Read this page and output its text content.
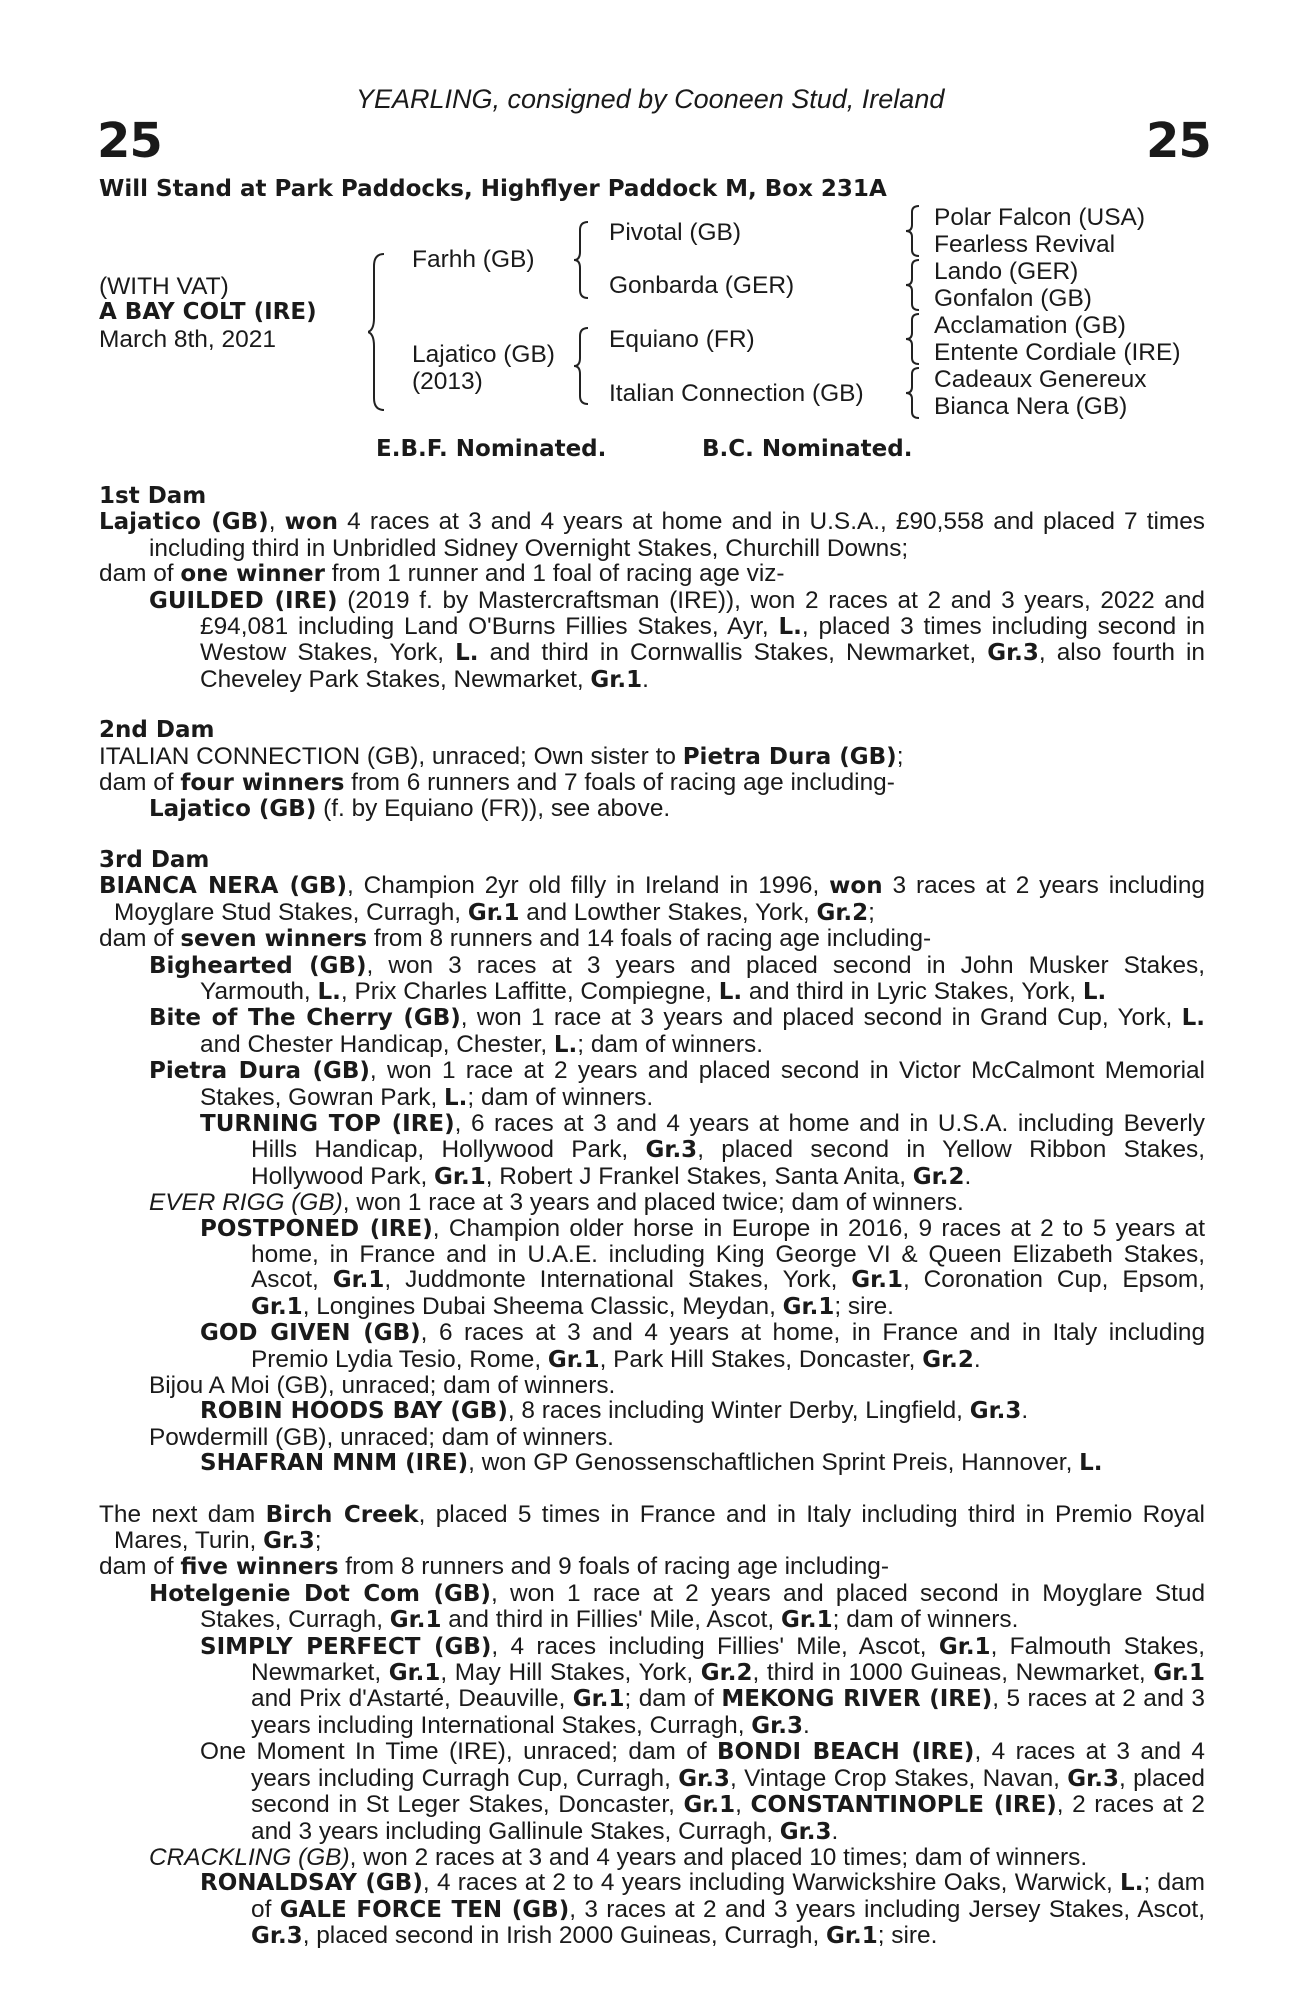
YEARLING, consigned by Cooneen Stud, Ireland
25	25
Will Stand at Park Paddocks, Highflyer Paddock M, Box 231A
(WITH VAT)
A BAY COLT (IRE)
March 8th, 2021
Farhh (GB)
Lajatico (GB)
(2013)
Pivotal (GB)
Gonbarda (GER)
Equiano (FR)
Italian Connection (GB)
Polar Falcon (USA)
Fearless Revival
Lando (GER)
Gonfalon (GB)
Acclamation (GB)
Entente Cordiale (IRE)
Cadeaux Genereux
Bianca Nera (GB)
E.B.F. Nominated.	B.C. Nominated.

1st Dam

Lajatico (GB), won 4 races at 3 and 4 years at home and in U.S.A., £90,558 and placed 7 times including third in Unbridled Sidney Overnight Stakes, Churchill Downs;

dam of one winner from 1 runner and 1 foal of racing age viz-

GUILDED (IRE) (2019 f. by Mastercraftsman (IRE)), won 2 races at 2 and 3 years, 2022 and £94,081 including Land O'Burns Fillies Stakes, Ayr, L., placed 3 times including second in Westow Stakes, York, L. and third in Cornwallis Stakes, Newmarket, Gr.3, also fourth in Cheveley Park Stakes, Newmarket, Gr.1.

2nd Dam

ITALIAN CONNECTION (GB), unraced; Own sister to Pietra Dura (GB);

dam of four winners from 6 runners and 7 foals of racing age including-

Lajatico (GB) (f. by Equiano (FR)), see above.

3rd Dam

BIANCA NERA (GB), Champion 2yr old filly in Ireland in 1996, won 3 races at 2 years including Moyglare Stud Stakes, Curragh, Gr.1 and Lowther Stakes, York, Gr.2;

dam of seven winners from 8 runners and 14 foals of racing age including-

Bighearted (GB), won 3 races at 3 years and placed second in John Musker Stakes, Yarmouth, L., Prix Charles Laffitte, Compiegne, L. and third in Lyric Stakes, York, L.

Bite of The Cherry (GB), won 1 race at 3 years and placed second in Grand Cup, York, L. and Chester Handicap, Chester, L.; dam of winners.

Pietra Dura (GB), won 1 race at 2 years and placed second in Victor McCalmont Memorial Stakes, Gowran Park, L.; dam of winners.

TURNING TOP (IRE), 6 races at 3 and 4 years at home and in U.S.A. including Beverly Hills Handicap, Hollywood Park, Gr.3, placed second in Yellow Ribbon Stakes, Hollywood Park, Gr.1, Robert J Frankel Stakes, Santa Anita, Gr.2.

EVER RIGG (GB), won 1 race at 3 years and placed twice; dam of winners.

POSTPONED (IRE), Champion older horse in Europe in 2016, 9 races at 2 to 5 years at home, in France and in U.A.E. including King George VI & Queen Elizabeth Stakes, Ascot, Gr.1, Juddmonte International Stakes, York, Gr.1, Coronation Cup, Epsom, Gr.1, Longines Dubai Sheema Classic, Meydan, Gr.1; sire.

GOD GIVEN (GB), 6 races at 3 and 4 years at home, in France and in Italy including Premio Lydia Tesio, Rome, Gr.1, Park Hill Stakes, Doncaster, Gr.2.

Bijou A Moi (GB), unraced; dam of winners.

ROBIN HOODS BAY (GB), 8 races including Winter Derby, Lingfield, Gr.3.

Powdermill (GB), unraced; dam of winners.

SHAFRAN MNM (IRE), won GP Genossenschaftlichen Sprint Preis, Hannover, L.

The next dam Birch Creek, placed 5 times in France and in Italy including third in Premio Royal Mares, Turin, Gr.3;

dam of five winners from 8 runners and 9 foals of racing age including-

Hotelgenie Dot Com (GB), won 1 race at 2 years and placed second in Moyglare Stud Stakes, Curragh, Gr.1 and third in Fillies' Mile, Ascot, Gr.1; dam of winners.

SIMPLY PERFECT (GB), 4 races including Fillies' Mile, Ascot, Gr.1, Falmouth Stakes, Newmarket, Gr.1, May Hill Stakes, York, Gr.2, third in 1000 Guineas, Newmarket, Gr.1 and Prix d'Astarté, Deauville, Gr.1; dam of MEKONG RIVER (IRE), 5 races at 2 and 3 years including International Stakes, Curragh, Gr.3.

One Moment In Time (IRE), unraced; dam of BONDI BEACH (IRE), 4 races at 3 and 4 years including Curragh Cup, Curragh, Gr.3, Vintage Crop Stakes, Navan, Gr.3, placed second in St Leger Stakes, Doncaster, Gr.1, CONSTANTINOPLE (IRE), 2 races at 2 and 3 years including Gallinule Stakes, Curragh, Gr.3.

CRACKLING (GB), won 2 races at 3 and 4 years and placed 10 times; dam of winners.

RONALDSAY (GB), 4 races at 2 to 4 years including Warwickshire Oaks, Warwick, L.; dam of GALE FORCE TEN (GB), 3 races at 2 and 3 years including Jersey Stakes, Ascot, Gr.3, placed second in Irish 2000 Guineas, Curragh, Gr.1; sire.
